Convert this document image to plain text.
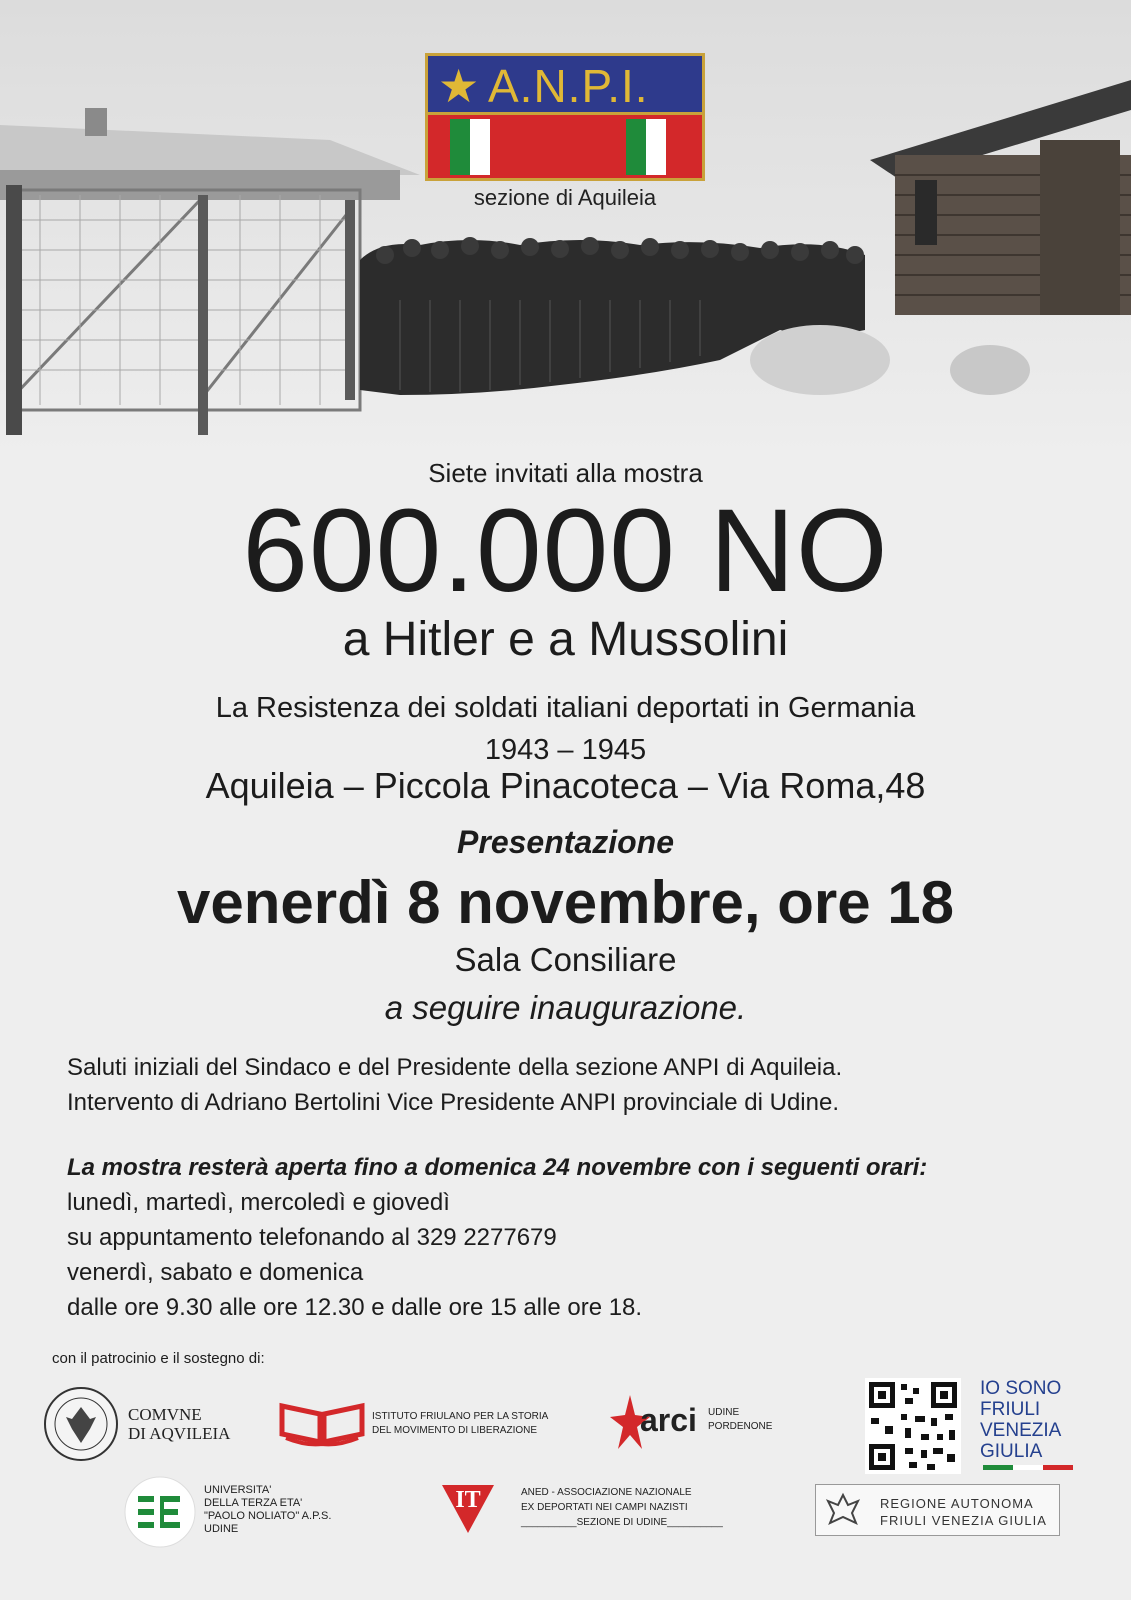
★ A.N.P.I.
sezione di Aquileia
Siete invitati alla mostra
600.000 NO
a Hitler e a Mussolini
La Resistenza dei soldati italiani deportati in Germania
1943 – 1945
Aquileia – Piccola Pinacoteca – Via Roma,48
Presentazione
venerdì 8 novembre, ore 18
Sala Consiliare
a seguire inaugurazione.
Saluti iniziali del Sindaco e del Presidente della sezione ANPI di Aquileia.
Intervento di Adriano Bertolini Vice Presidente ANPI provinciale di Udine.
La mostra resterà aperta fino a domenica 24 novembre con i seguenti orari:
lunedì, martedì, mercoledì e giovedì
su appuntamento telefonando al 329 2277679
venerdì, sabato e domenica
dalle ore 9.30 alle ore 12.30 e dalle ore 15 alle ore 18.
con il patrocinio e il sostegno di:
COMVNE
DI AQVILEIA
ISTITUTO FRIULANO PER LA STORIA
DEL MOVIMENTO DI LIBERAZIONE	arci UDINE
PORDENONE
IO SONO
FRIULI
VENEZIA
GIULIA
UNIVERSITA'
DELLA TERZA ETA'
"PAOLO NOLIATO" A.P.S.
UDINE
IT	ANED - ASSOCIAZIONE NAZIONALE
EX DEPORTATI NEI CAMPI NAZISTI
__________SEZIONE DI UDINE__________
REGIONE AUTONOMA
FRIULI VENEZIA GIULIA
